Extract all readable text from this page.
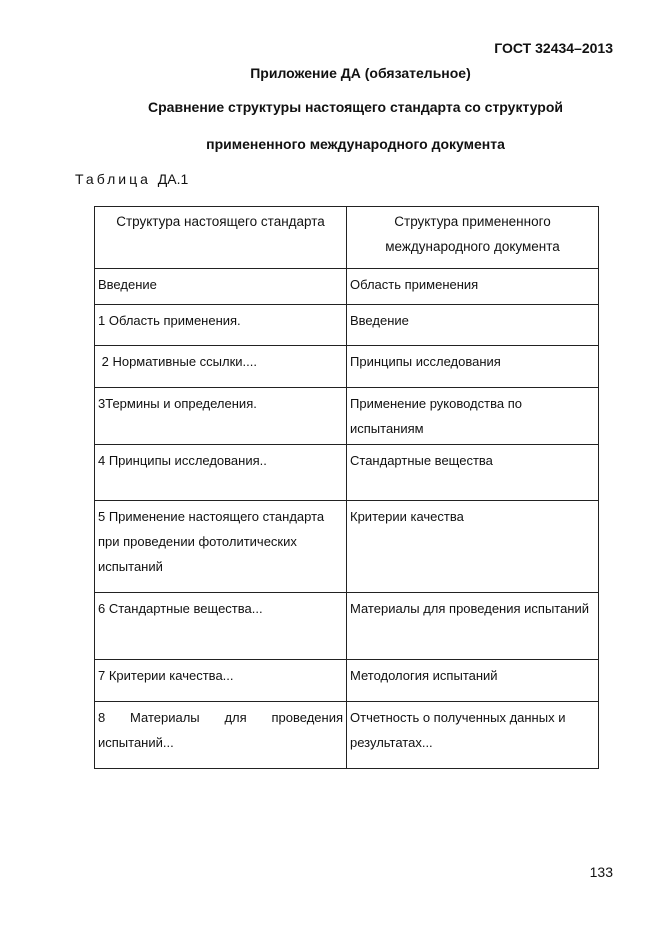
ГОСТ 32434–2013
Приложение ДА (обязательное)
Сравнение структуры настоящего стандарта со структурой
примененного международного документа
Таблица ДА.1
Структура настоящего стандарта	Структура примененного международного документа
Введение	Область применения
1 Область применения.	Введение
2 Нормативные ссылки....	Принципы исследования
3Термины и определения.	Применение руководства по испытаниям
4 Принципы исследования..	Стандартные вещества
5 Применение настоящего стандарта при проведении фотолитических испытаний	Критерии качества
6 Стандартные вещества...	Материалы для проведения испытаний
7 Критерии качества...	Методология испытаний
8 Материалы для проведения испытаний...	Отчетность о полученных данных и результатах...
133
